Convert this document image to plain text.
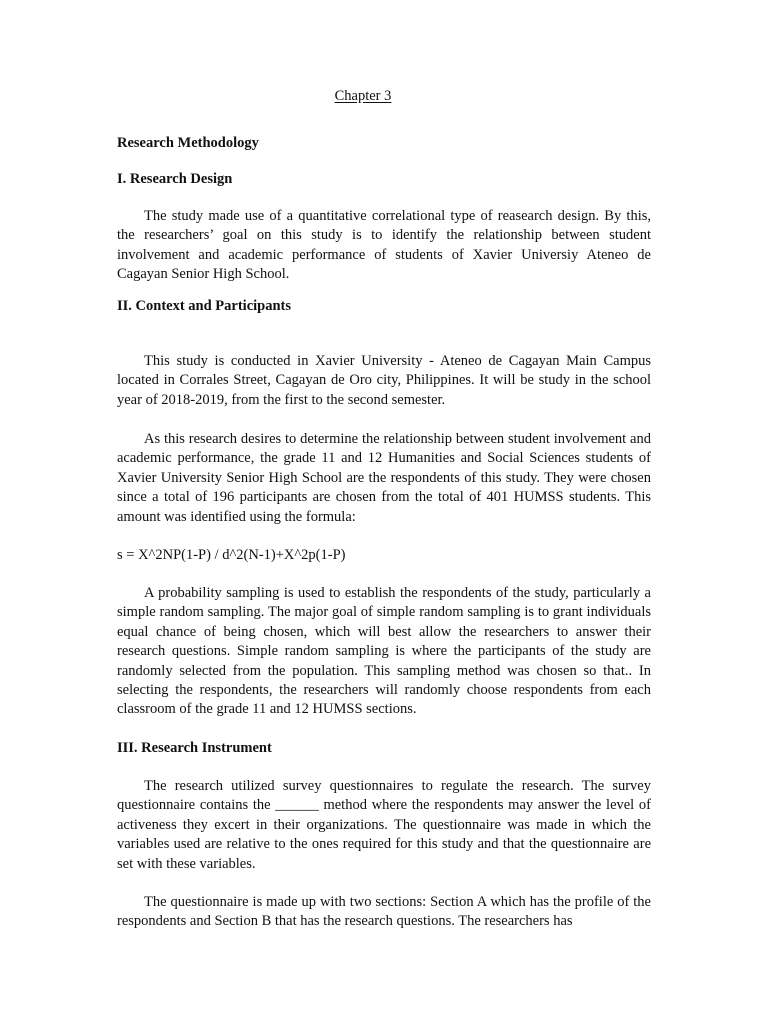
Chapter 3
Research Methodology
I. Research Design
The study made use of a quantitative correlational type of reasearch design. By this, the researchers’ goal on this study is to identify the relationship between student involvement and academic performance of students of Xavier Universiy Ateneo de Cagayan Senior High School.
II. Context and Participants
This study is conducted in Xavier University - Ateneo de Cagayan Main Campus located in Corrales Street, Cagayan de Oro city, Philippines. It will be study in the school year of 2018-2019, from the first to the second semester.
As this research desires to determine the relationship between student involvement and academic performance, the grade 11 and 12 Humanities and Social Sciences students of Xavier University Senior High School are the respondents of this study. They were chosen since a total of 196 participants are chosen from the total of 401 HUMSS students. This amount was identified using the formula:
s = X^2NP(1-P) / d^2(N-1)+X^2p(1-P)
A probability sampling is used to establish the respondents of the study, particularly a simple random sampling. The major goal of simple random sampling is to grant individuals equal chance of being chosen, which will best allow the researchers to answer their research questions. Simple random sampling is where the participants of the study are randomly selected from the population. This sampling method was chosen so that.. In selecting the respondents, the researchers will randomly choose respondents from each classroom of the grade 11 and 12 HUMSS sections.
III. Research Instrument
The research utilized survey questionnaires to regulate the research. The survey questionnaire contains the ______ method where the respondents may answer the level of activeness they excert in their organizations. The questionnaire was made in which the variables used are relative to the ones required for this study and that the questionnaire are set with these variables.
The questionnaire is made up with two sections: Section A which has the profile of the respondents and Section B that has the research questions. The researchers has
